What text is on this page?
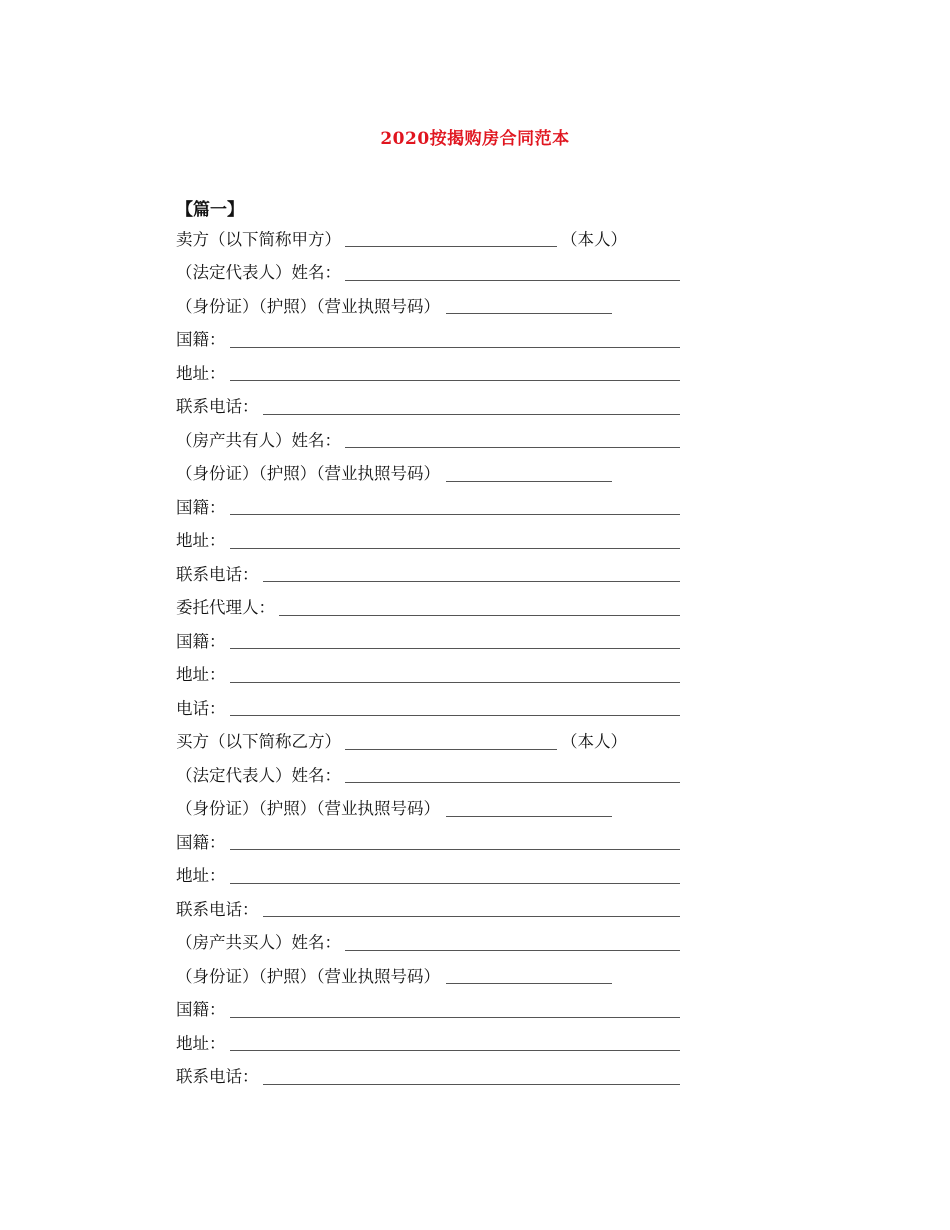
2020按揭购房合同范本
【篇一】
卖方（以下简称甲方）	（本人）
（法定代表人）姓名：
（身份证）（护照）（营业执照号码）
国籍：
地址：
联系电话：
（房产共有人）姓名：
（身份证）（护照）（营业执照号码）
国籍：
地址：
联系电话：
委托代理人：
国籍：
地址：
电话：
买方（以下简称乙方）	（本人）
（法定代表人）姓名：
（身份证）（护照）（营业执照号码）
国籍：
地址：
联系电话：
（房产共买人）姓名：
（身份证）（护照）（营业执照号码）
国籍：
地址：
联系电话：
